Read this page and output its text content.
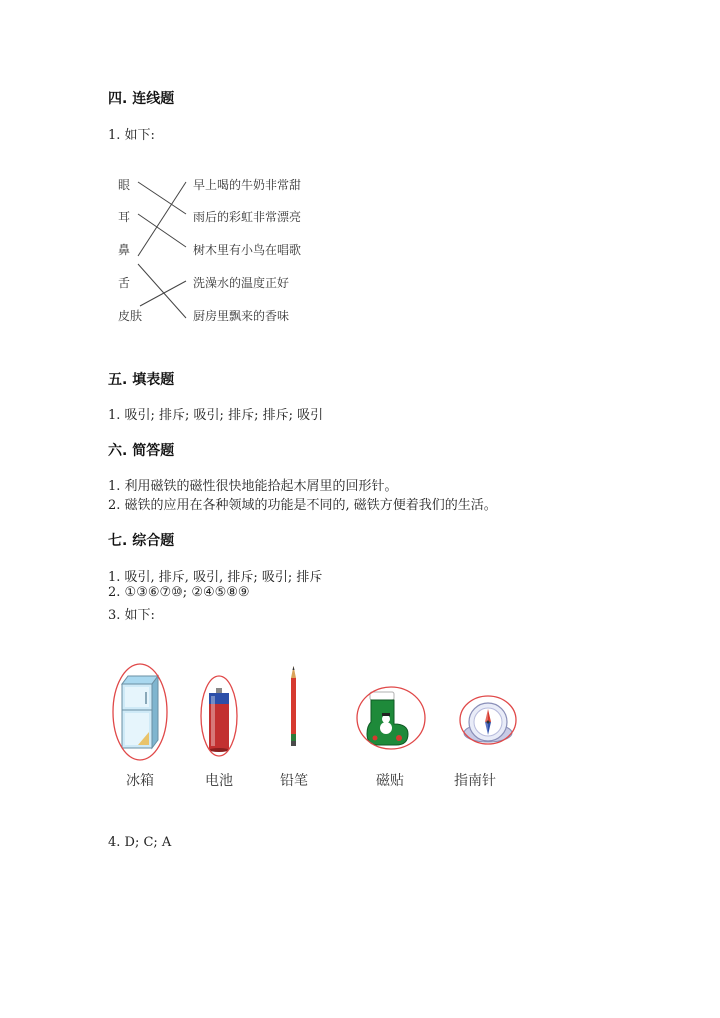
四. 连线题
1. 如下:
眼
耳
鼻
舌
皮肤
早上喝的牛奶非常甜
雨后的彩虹非常漂亮
树木里有小鸟在唱歌
洗澡水的温度正好
厨房里飘来的香味
五. 填表题
1. 吸引; 排斥; 吸引; 排斥; 排斥; 吸引
六. 简答题
1. 利用磁铁的磁性很快地能拾起木屑里的回形针。
2. 磁铁的应用在各种领域的功能是不同的, 磁铁方便着我们的生活。
七. 综合题
1. 吸引, 排斥, 吸引, 排斥; 吸引; 排斥
2. ①③⑥⑦⑩; ②④⑤⑧⑨
3. 如下:
冰箱	电池	铅笔	磁贴	指南针
4. D; C; A
